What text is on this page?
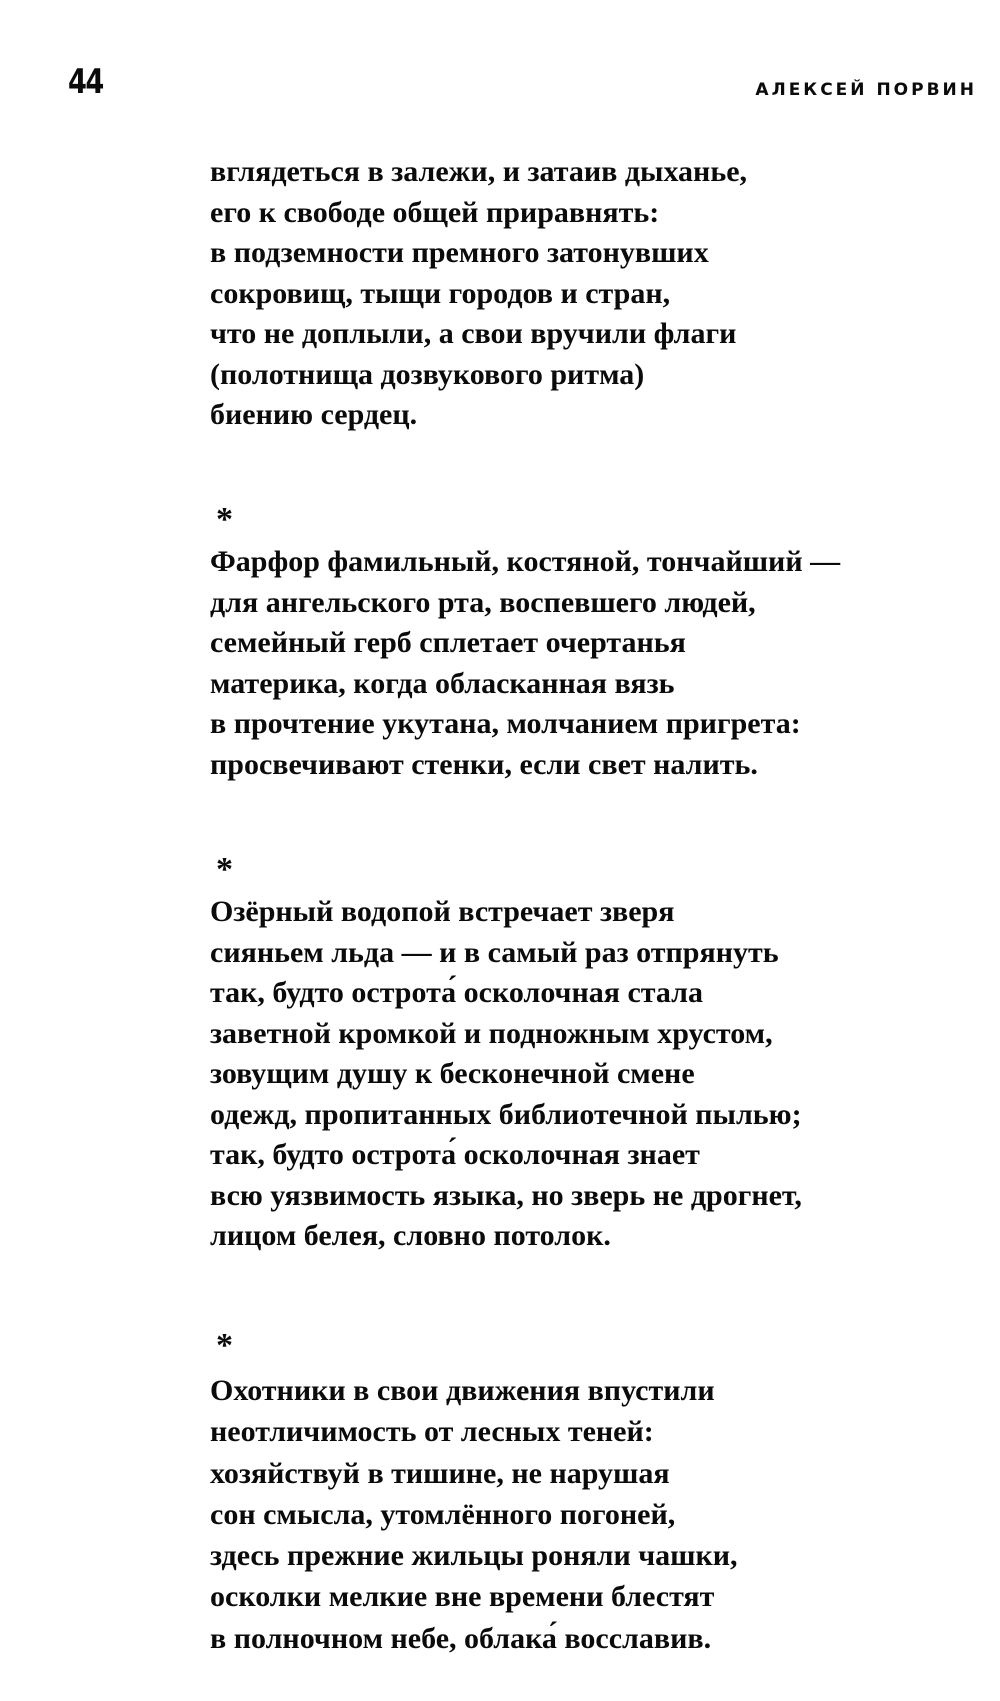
44	АЛЕКСЕЙ ПОРВИН
вглядеться в залежи, и затаив дыханье,
его к свободе общей приравнять:
в подземности премного затонувших
сокровищ, тыщи городов и стран,
что не доплыли, а свои вручили флаги
(полотнища дозвукового ритма)
биению сердец.
*
Фарфор фамильный, костяной, тончайший —
для ангельского рта, воспевшего людей,
семейный герб сплетает очертанья
материка, когда обласканная вязь
в прочтение укутана, молчанием пригрета:
просвечивают стенки, если свет налить.
*
Озёрный водопой встречает зверя
сияньем льда — и в самый раз отпрянуть
так, будто острота́ осколочная стала
заветной кромкой и подножным хрустом,
зовущим душу к бесконечной смене
одежд, пропитанных библиотечной пылью;
так, будто острота́ осколочная знает
всю уязвимость языка, но зверь не дрогнет,
лицом белея, словно потолок.
*
Охотники в свои движения впустили
неотличимость от лесных теней:
хозяйствуй в тишине, не нарушая
сон смысла, утомлённого погоней,
здесь прежние жильцы роняли чашки,
осколки мелкие вне времени блестят
в полночном небе, облака́ восславив.
